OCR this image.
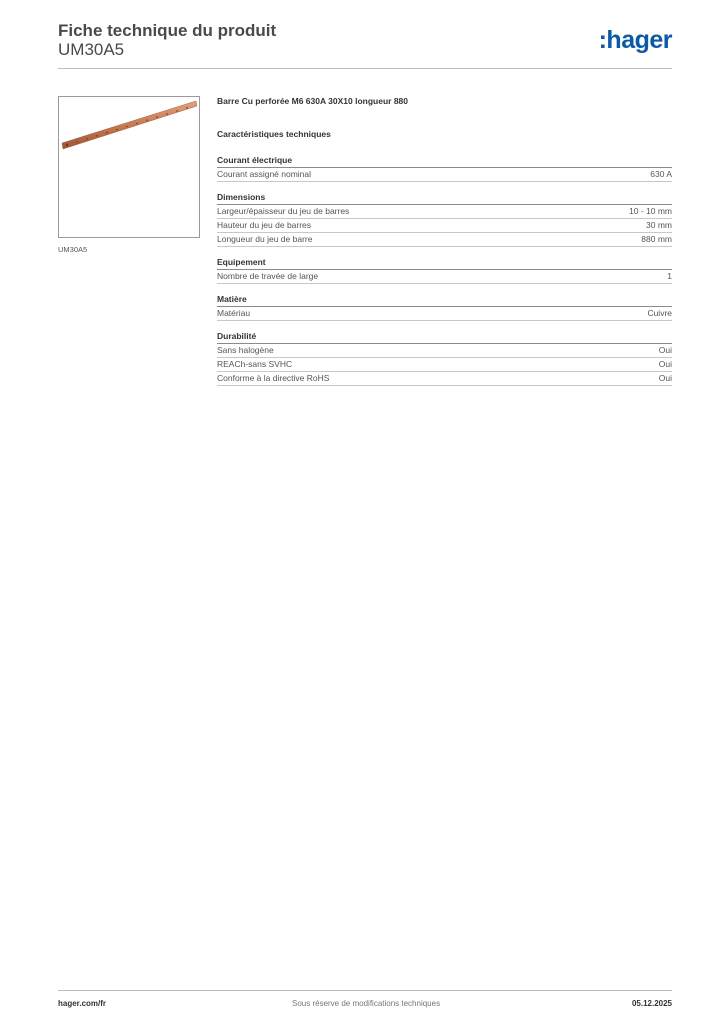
Fiche technique du produit
UM30A5	:hager
UM30A5
Barre Cu perforée M6 630A 30X10 longueur 880
Caractéristiques techniques
Courant électrique
Courant assigné nominal	630 A
Dimensions
Largeur/épaisseur du jeu de barres	10 - 10 mm
Hauteur du jeu de barres	30 mm
Longueur du jeu de barre	880 mm
Equipement
Nombre de travée de large	1
Matière
Matériau	Cuivre
Durabilité
Sans halogène	Oui
REACh-sans SVHC	Oui
Conforme à la directive RoHS	Oui
hager.com/fr	Sous réserve de modifications techniques	05.12.2025
